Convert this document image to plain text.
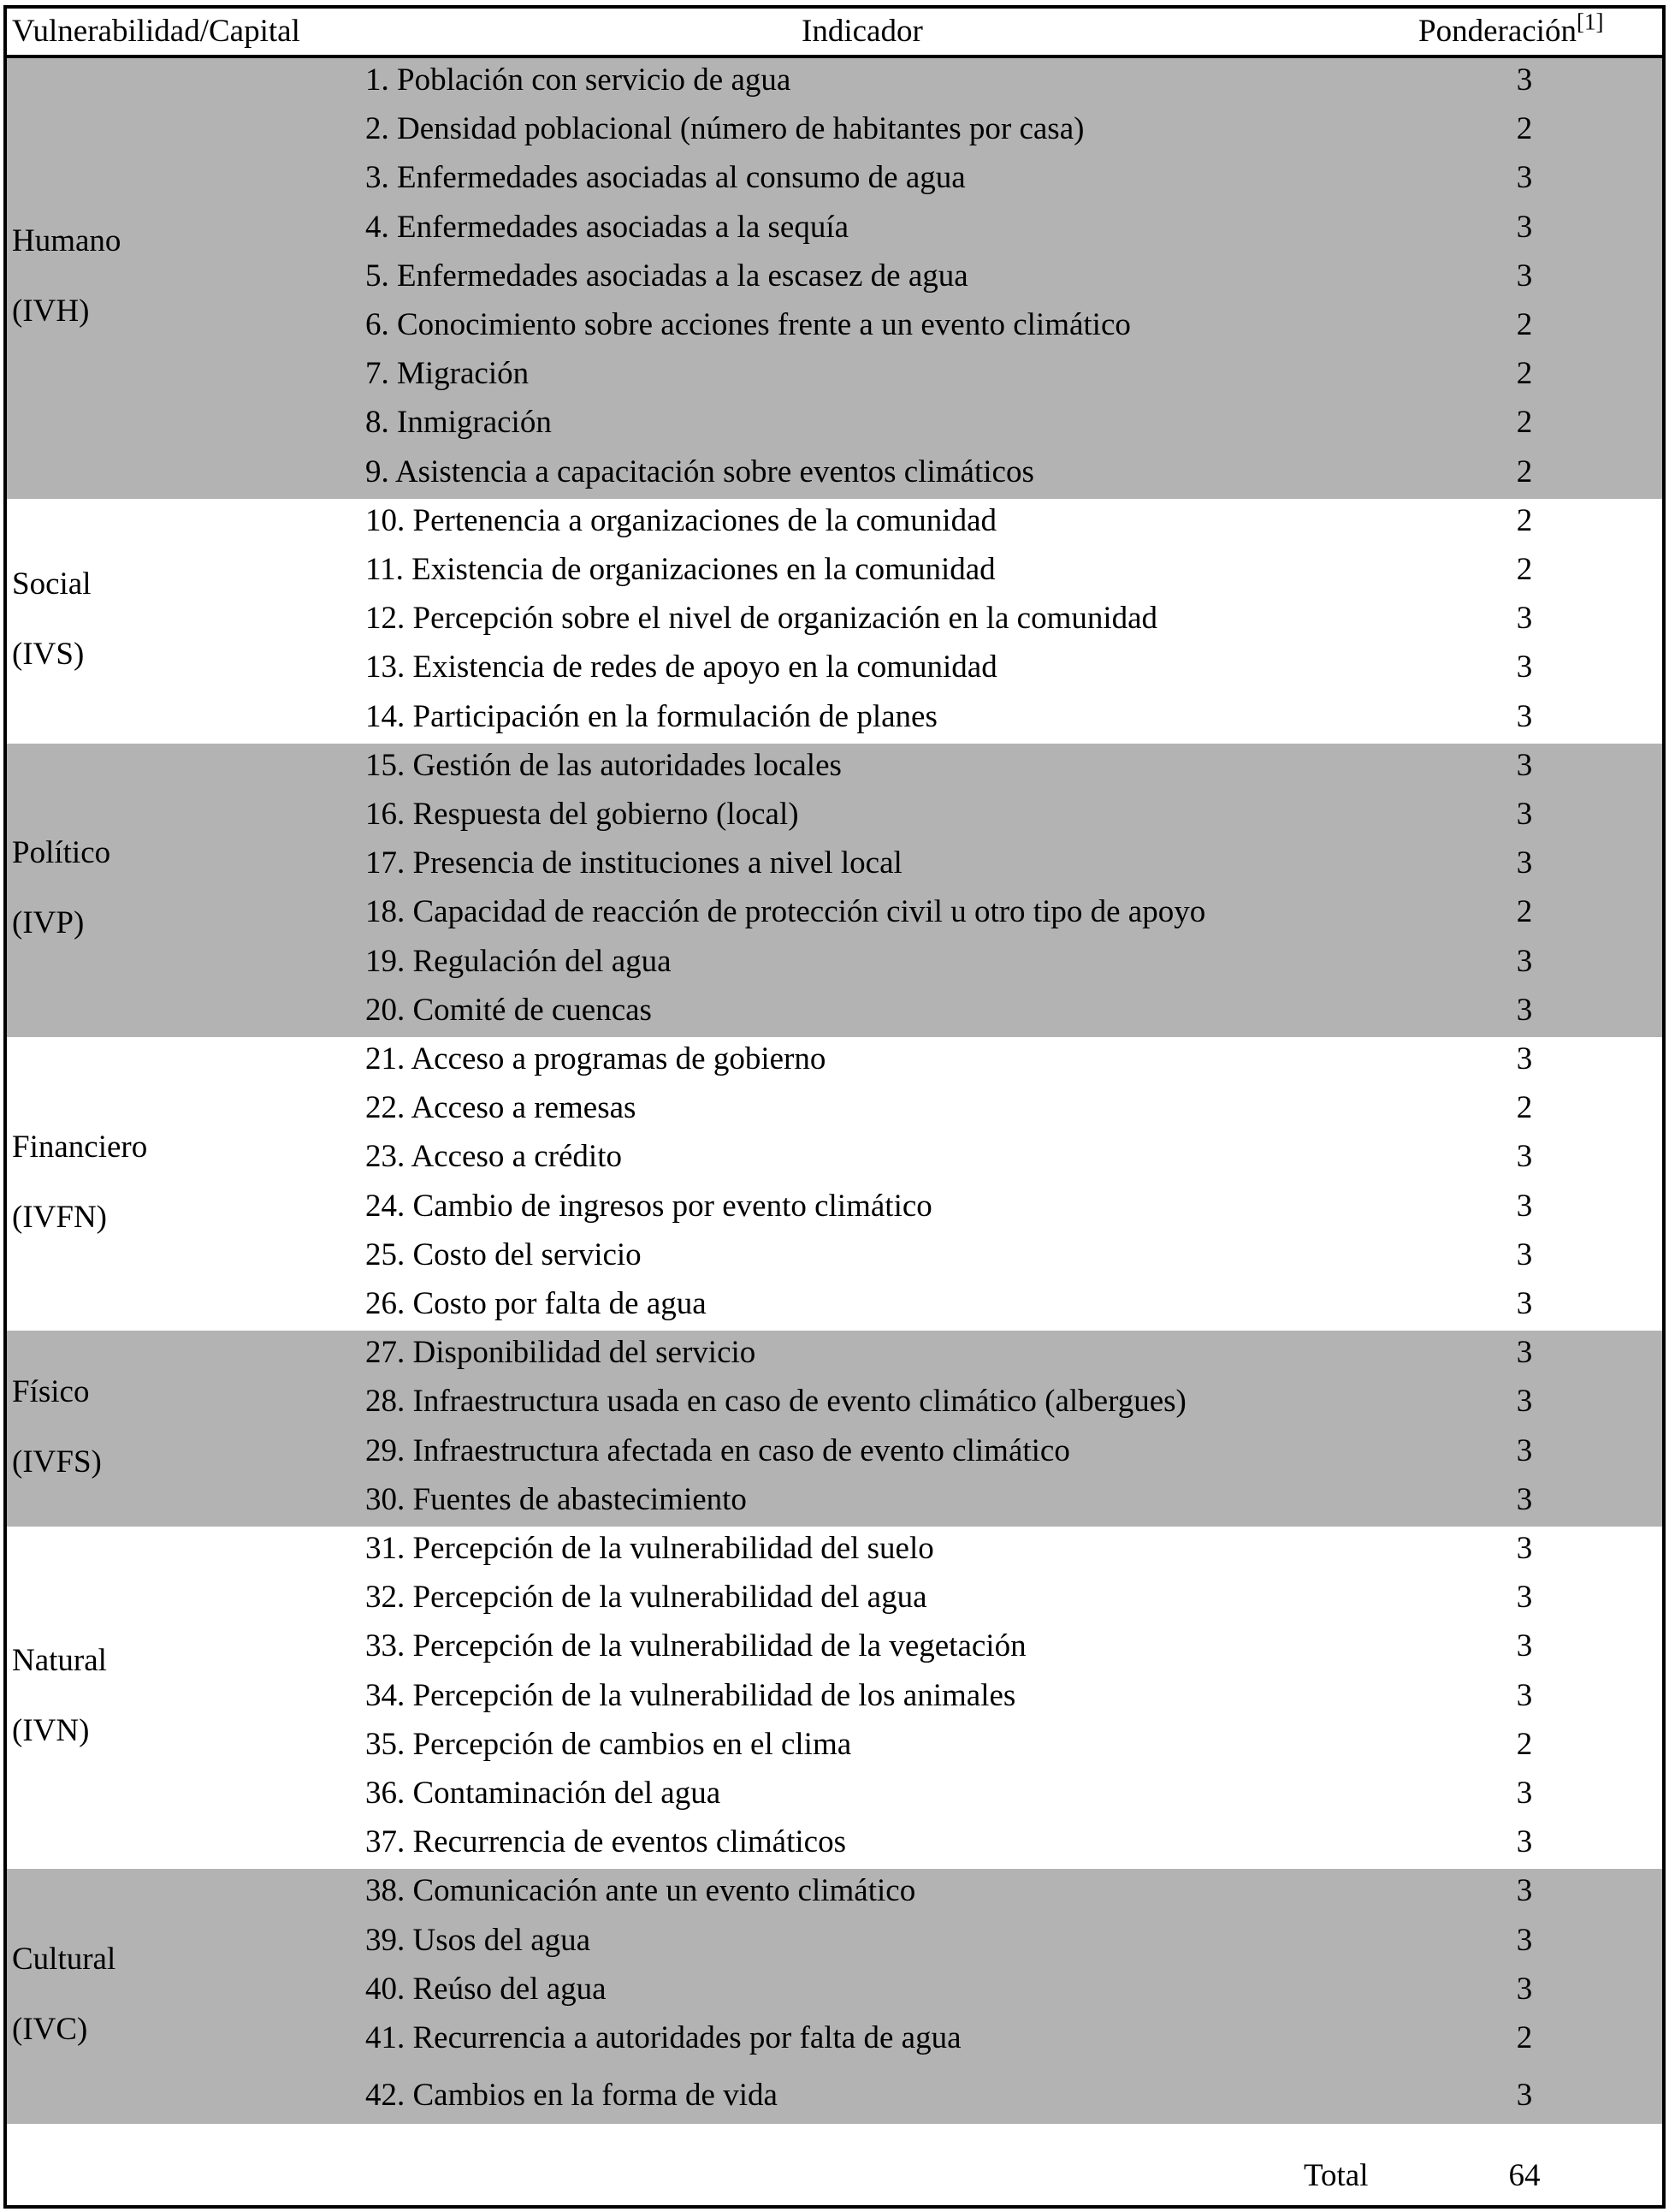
Vulnerabilidad/Capital	Indicador	Ponderación[1]
Humano
(IVH)
1. Población con servicio de agua	3
2. Densidad poblacional (número de habitantes por casa)	2
3. Enfermedades asociadas al consumo de agua	3
4. Enfermedades asociadas a la sequía	3
5. Enfermedades asociadas a la escasez de agua	3
6. Conocimiento sobre acciones frente a un evento climático	2
7. Migración	2
8. Inmigración	2
9. Asistencia a capacitación sobre eventos climáticos	2
Social
(IVS)
10. Pertenencia a organizaciones de la comunidad	2
11. Existencia de organizaciones en la comunidad	2
12. Percepción sobre el nivel de organización en la comunidad	3
13. Existencia de redes de apoyo en la comunidad	3
14. Participación en la formulación de planes	3
Político
(IVP)
15. Gestión de las autoridades locales	3
16. Respuesta del gobierno (local)	3
17. Presencia de instituciones a nivel local	3
18. Capacidad de reacción de protección civil u otro tipo de apoyo	2
19. Regulación del agua	3
20. Comité de cuencas	3
Financiero
(IVFN)
21. Acceso a programas de gobierno	3
22. Acceso a remesas	2
23. Acceso a crédito	3
24. Cambio de ingresos por evento climático	3
25. Costo del servicio	3
26. Costo por falta de agua	3
Físico
(IVFS)
27. Disponibilidad del servicio	3
28. Infraestructura usada en caso de evento climático (albergues)	3
29. Infraestructura afectada en caso de evento climático	3
30. Fuentes de abastecimiento	3
Natural
(IVN)
31. Percepción de la vulnerabilidad del suelo	3
32. Percepción de la vulnerabilidad del agua	3
33. Percepción de la vulnerabilidad de la vegetación	3
34. Percepción de la vulnerabilidad de los animales	3
35. Percepción de cambios en el clima	2
36. Contaminación del agua	3
37. Recurrencia de eventos climáticos	3
Cultural
(IVC)
38. Comunicación ante un evento climático	3
39. Usos del agua	3
40. Reúso del agua	3
41. Recurrencia a autoridades por falta de agua	2
42. Cambios en la forma de vida	3
Total	64
